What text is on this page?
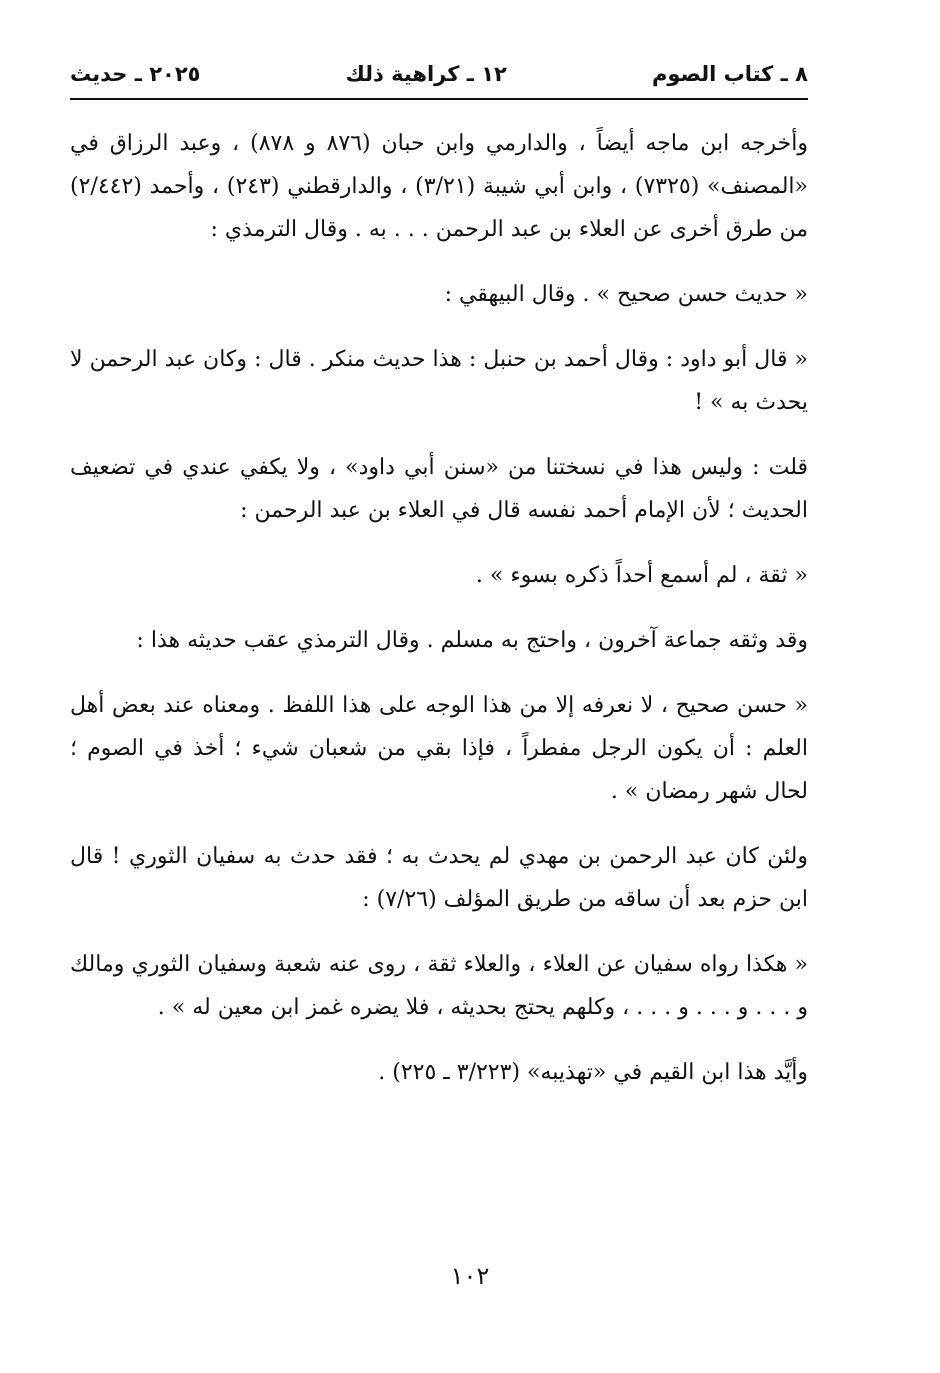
٨ ـ كتاب الصوم
١٢ ـ كراهية ذلك
٢٠٢٥ ـ حديث

وأخرجه ابن ماجه أيضاً ، والدارمي وابن حبان (٨٧٦ و ٨٧٨) ، وعبد الرزاق في «المصنف» (٧٣٢٥) ، وابن أبي شيبة (٣/٢١) ، والدارقطني (٢٤٣) ، وأحمد (٢/٤٤٢) من طرق أخرى عن العلاء بن عبد الرحمن . . . به . وقال الترمذي :

« حديث حسن صحيح » . وقال البيهقي :

« قال أبو داود : وقال أحمد بن حنبل : هذا حديث منكر . قال : وكان عبد الرحمن لا يحدث به » !

قلت : وليس هذا في نسختنا من «سنن أبي داود» ، ولا يكفي عندي في تضعيف الحديث ؛ لأن الإمام أحمد نفسه قال في العلاء بن عبد الرحمن :

« ثقة ، لم أسمع أحداً ذكره بسوء » .

وقد وثقه جماعة آخرون ، واحتج به مسلم . وقال الترمذي عقب حديثه هذا :

« حسن صحيح ، لا نعرفه إلا من هذا الوجه على هذا اللفظ . ومعناه عند بعض أهل العلم : أن يكون الرجل مفطراً ، فإذا بقي من شعبان شيء ؛ أخذ في الصوم ؛ لحال شهر رمضان » .

ولئن كان عبد الرحمن بن مهدي لم يحدث به ؛ فقد حدث به سفيان الثوري ! قال ابن حزم بعد أن ساقه من طريق المؤلف (٧/٢٦) :

« هكذا رواه سفيان عن العلاء ، والعلاء ثقة ، روى عنه شعبة وسفيان الثوري ومالك و . . . و . . . و . . . ، وكلهم يحتج بحديثه ، فلا يضره غمز ابن معين له » .

وأيَّد هذا ابن القيم في «تهذيبه» (٣/٢٢٣ ـ ٢٢٥) .

١٠٢
